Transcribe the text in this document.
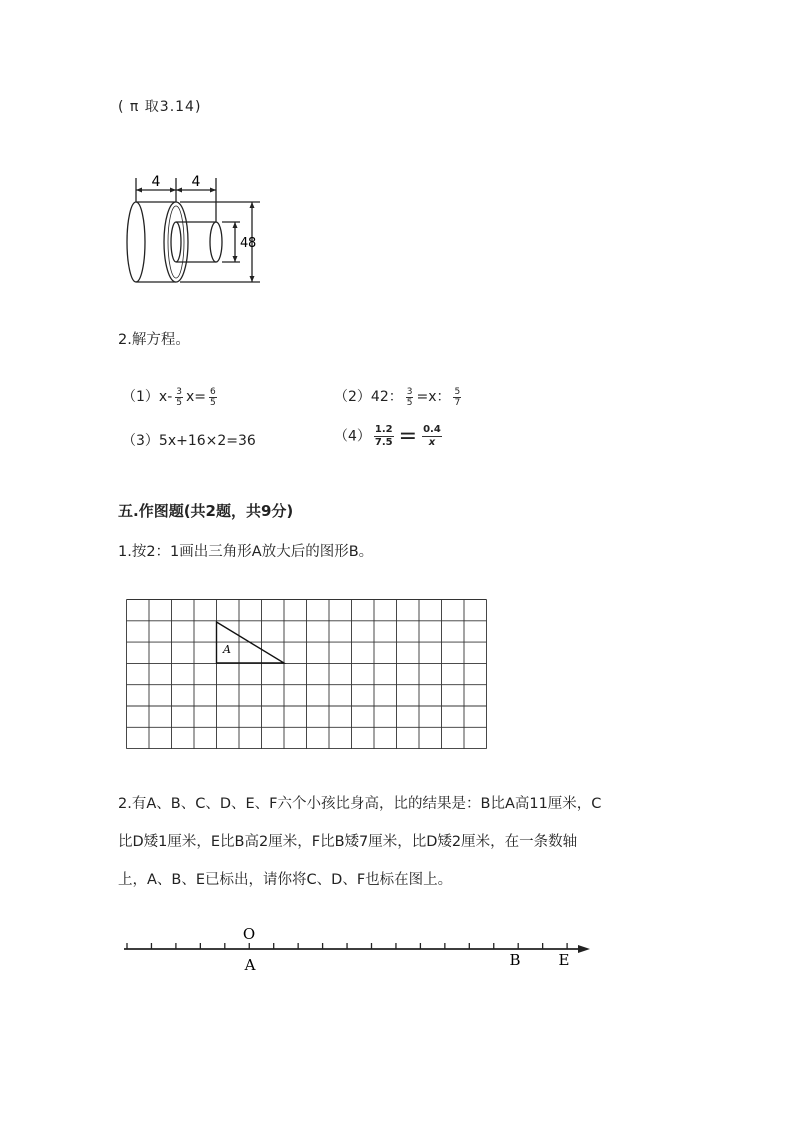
( π 取3.14)
4 4
4 8
2.解方程。
$(1)x- \frac{3}{5} x= \frac{6}{5}$	（2）42： $\frac{3}{5} =x$： $\frac{5}{7}$
（3）5x+16×2=36	$(4) \frac{1.2}{7.5} = \frac{0.4}{x}$
五.作图题(共2题，共9分)
1.按2：1画出三角形A放大后的图形B。
A
2.有A、B、C、D、E、F六个小孩比身高，比的结果是：B比A高11厘米，C
比D矮1厘米，E比B高2厘米，F比B矮7厘米，比D矮2厘米，在一条数轴
上，A、B、E已标出，请你将C、D、F也标在图上。
O
A	B	E
